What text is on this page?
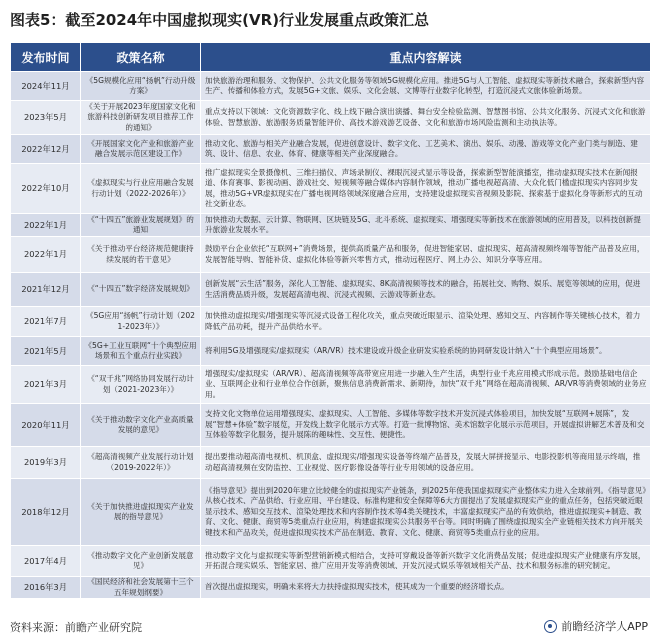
图表5：截至2024年中国虚拟现实(VR)行业发展重点政策汇总
发布时间	政策名称	重点内容解读
2024年11月	《5G规模化应用“扬帆”行动升级方案》	加快旅游治理和服务、文物保护、公共文化服务等领域5G规模化应用。推进5G与人工智能、虚拟现实等新技术融合，探索新型内容生产、传播和体验方式，发展5G+文旅、娱乐、文化会展、文博等行业数字化转型，打造沉浸式文旅体验新场景。
2023年5月	《关于开展2023年度国家文化和旅游科技创新研发项目推荐工作的通知》	重点支持以下领域：文化资源数字化、线上线下融合演出演播、舞台安全检验监测、智慧图书馆、公共文化服务、沉浸式文化和旅游体验、智慧旅游、旅游服务质量智能评价、高技术游戏游艺设备、文化和旅游市场风险监测和主动执法等。
2022年12月	《开展国家文化产业和旅游产业融合发展示范区建设工作》	推动文化、旅游与相关产业融合发展，促进创意设计、数字文化、工艺美术、演出、娱乐、动漫、游戏等文化产业门类与制造、建筑、设计、信息、农业、体育、健康等相关产业深度融合。
2022年10月	《虚拟现实与行业应用融合发展行动计划（2022-2026年）》	推广虚拟现实全景摄像机、三维扫描仪、声场录制仪、裸眼沉浸式显示等设备，探索新型智能演播室，推动虚拟现实技术在新闻报道、体育赛事、影视动画、游戏社交、短视频等融合媒体内容制作领域，推动广播电视超高清、大众化低门槛虚拟现实内容同步发展，推动5G+VR虚拟现实在广播电视网络领域深度融合应用，支持建设虚拟现实音视频及影院、探索基于虚拟化身等新形式的互动社交新业态。
2022年1月	《“十四五”旅游业发展规划》的通知	加快推动大数据、云计算、物联网、区块链及5G、北斗系统、虚拟现实、增强现实等新技术在旅游领域的应用普及，以科技创新提升旅游业发展水平。
2022年1月	《关于推动平台经济规范健康持续发展的若干意见》	鼓励平台企业依托“互联网+”消费场景，提供高质量产品和服务，促进智能家居、虚拟现实、超高清视频终端等智能产品普及应用，发展智能导购、智能补货、虚拟化体验等新兴零售方式，推动远程医疗、网上办公、知识分享等应用。
2021年12月	《“十四五”数字经济发展规划》	创新发展“云生活”服务，深化人工智能、虚拟现实、8K高清视频等技术的融合，拓展社交、购物、娱乐、展览等领域的应用，促进生活消费品质升级，发展超高清电视、沉浸式视频、云游戏等新业态。
2021年7月	《5G应用“扬帆”行动计划（2021-2023年）》	加快推动虚拟现实/增强现实等沉浸式设备工程化攻关，重点突破近眼显示、渲染处理、感知交互、内容制作等关键核心技术，着力降低产品功耗，提升产品供给水平。
2021年5月	《5G+工业互联网“十个典型应用场景和五个重点行业实践》	将利用5G及增强现实/虚拟现实（AR/VR）技术建设或升级企业研发实验系统的协同研发设计纳入“十个典型应用场景”。
2021年3月	《“双千兆”网络协同发展行动计划（2021-2023年）》	增强现实/虚拟现实（AR/VR）、超高清视频等高带宽应用进一步融入生产生活，典型行业千兆应用模式形成示范。鼓励基础电信企业、互联网企业和行业单位合作创新，聚焦信息消费新需求、新期待，加快“双千兆”网络在超高清视频、AR/VR等消费领域的业务应用。
2020年11月	《关于推动数字文化产业高质量发展的意见》	支持文化文物单位运用增强现实、虚拟现实、人工智能、多媒体等数字技术开发沉浸式体验项目，加快发展“互联网+展陈”，发展“智慧+体验”数字展览，开发线上数字化展示方式等。打造一批博物馆、美术馆数字化展示示范项目，开展虚拟讲解艺术普及和交互体验等数字化服务，提升展陈的趣味性、交互性、便捷性。
2019年3月	《超高清视频产业发展行动计划（2019-2022年）》	提出要推动超高清电视机、机顶盒、虚拟现实/增强现实设备等终端产品普及，发展大屏拼接显示、电影投影机等商用显示终端，推动超高清视频在安防监控、工业视觉、医疗影像设备等行业专用领域的设备应用。
2018年12月	《关于加快推进虚拟现实产业发展的指导意见》	《指导意见》提出到2020年建立比较健全的虚拟现实产业链条，到2025年使我国虚拟现实产业整体实力进入全球前列。《指导意见》从核心技术、产品供给、行业应用、平台建设、标准构建和安全保障等6大方面提出了发展虚拟现实产业的重点任务，包括突破近眼显示技术、感知交互技术、渲染处理技术和内容制作技术等4类关键技术，丰富虚拟现实产品的有效供给，推进虚拟现实+制造、教育、文化、健康、商贸等5类重点行业应用，构建虚拟现实公共服务平台等。同时明确了围绕虚拟现实全产业链相关技术方向开展关键技术和产品攻关，促进虚拟现实技术产品在制造、教育、文化、健康、商贸等5类重点行业的应用。
2017年4月	《推动数字文化产业创新发展意见》	推动数字文化与虚拟现实等新型营销新模式相结合，支持可穿戴设备等新兴数字文化消费品发展；促进虚拟现实产业健康有序发展，开拓混合现实娱乐、智能家居、推广应用开发等消费领域、开发沉浸式娱乐等领域相关产品、技术和服务标准的研究制定。
2016年3月	《国民经济和社会发展第十三个五年规划纲要》	首次提出虚拟现实，明确未来将大力扶持虚拟现实技术，使其成为一个重要的经济增长点。
资料来源：前瞻产业研究院	前瞻经济学人APP
